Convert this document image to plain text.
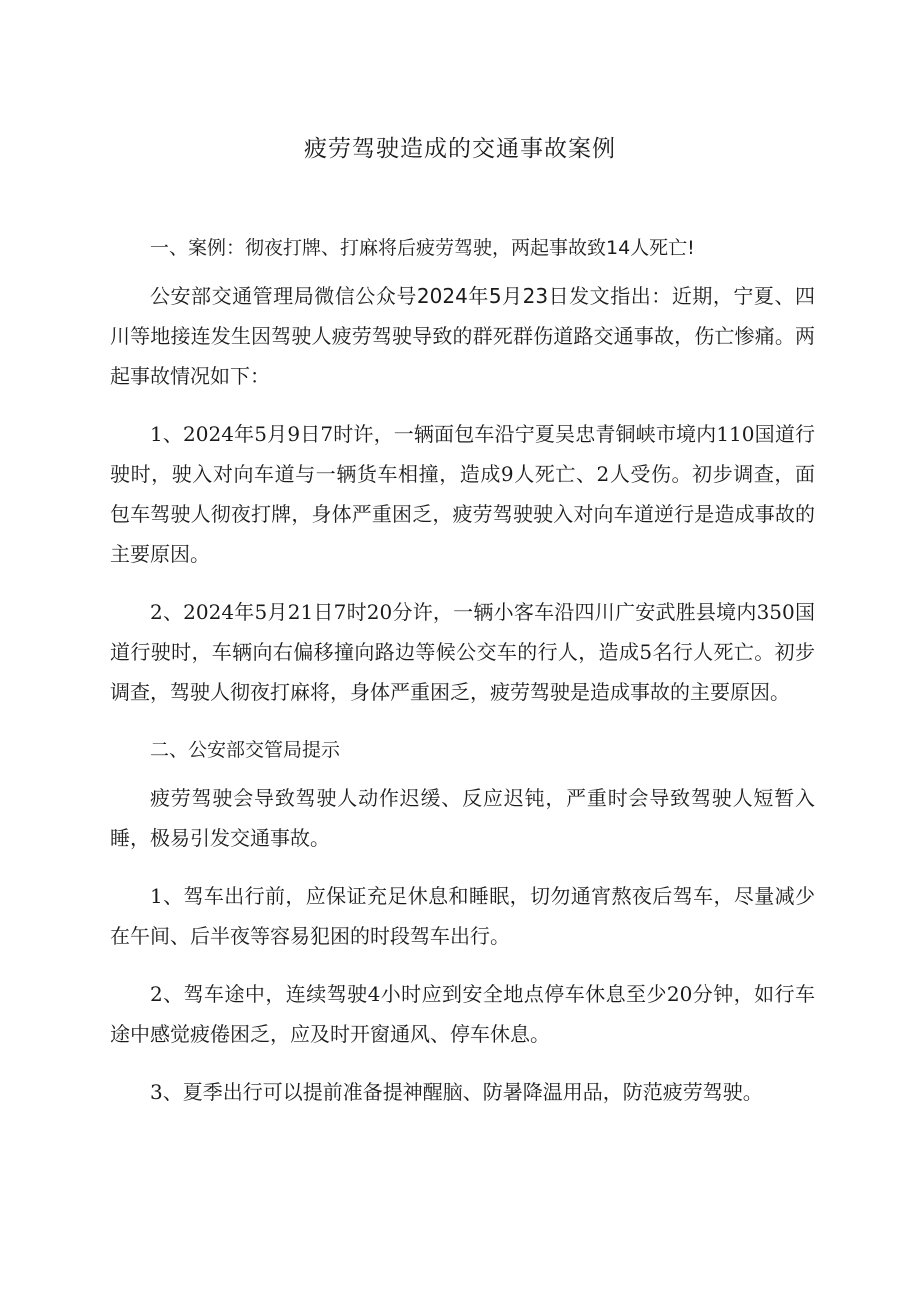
疲劳驾驶造成的交通事故案例

一、案例：彻夜打牌、打麻将后疲劳驾驶，两起事故致14人死亡!

公安部交通管理局微信公众号2024年5月23日发文指出：近期，宁夏、四川等地接连发生因驾驶人疲劳驾驶导致的群死群伤道路交通事故，伤亡惨痛。两起事故情况如下：

1、2024年5月9日7时许，一辆面包车沿宁夏吴忠青铜峡市境内110国道行驶时，驶入对向车道与一辆货车相撞，造成9人死亡、2人受伤。初步调查，面包车驾驶人彻夜打牌，身体严重困乏，疲劳驾驶驶入对向车道逆行是造成事故的主要原因。

2、2024年5月21日7时20分许，一辆小客车沿四川广安武胜县境内350国道行驶时，车辆向右偏移撞向路边等候公交车的行人，造成5名行人死亡。初步调查，驾驶人彻夜打麻将，身体严重困乏，疲劳驾驶是造成事故的主要原因。

二、公安部交管局提示

疲劳驾驶会导致驾驶人动作迟缓、反应迟钝，严重时会导致驾驶人短暂入睡，极易引发交通事故。

1、驾车出行前，应保证充足休息和睡眠，切勿通宵熬夜后驾车，尽量减少在午间、后半夜等容易犯困的时段驾车出行。

2、驾车途中，连续驾驶4小时应到安全地点停车休息至少20分钟，如行车途中感觉疲倦困乏，应及时开窗通风、停车休息。

3、夏季出行可以提前准备提神醒脑、防暑降温用品，防范疲劳驾驶。
